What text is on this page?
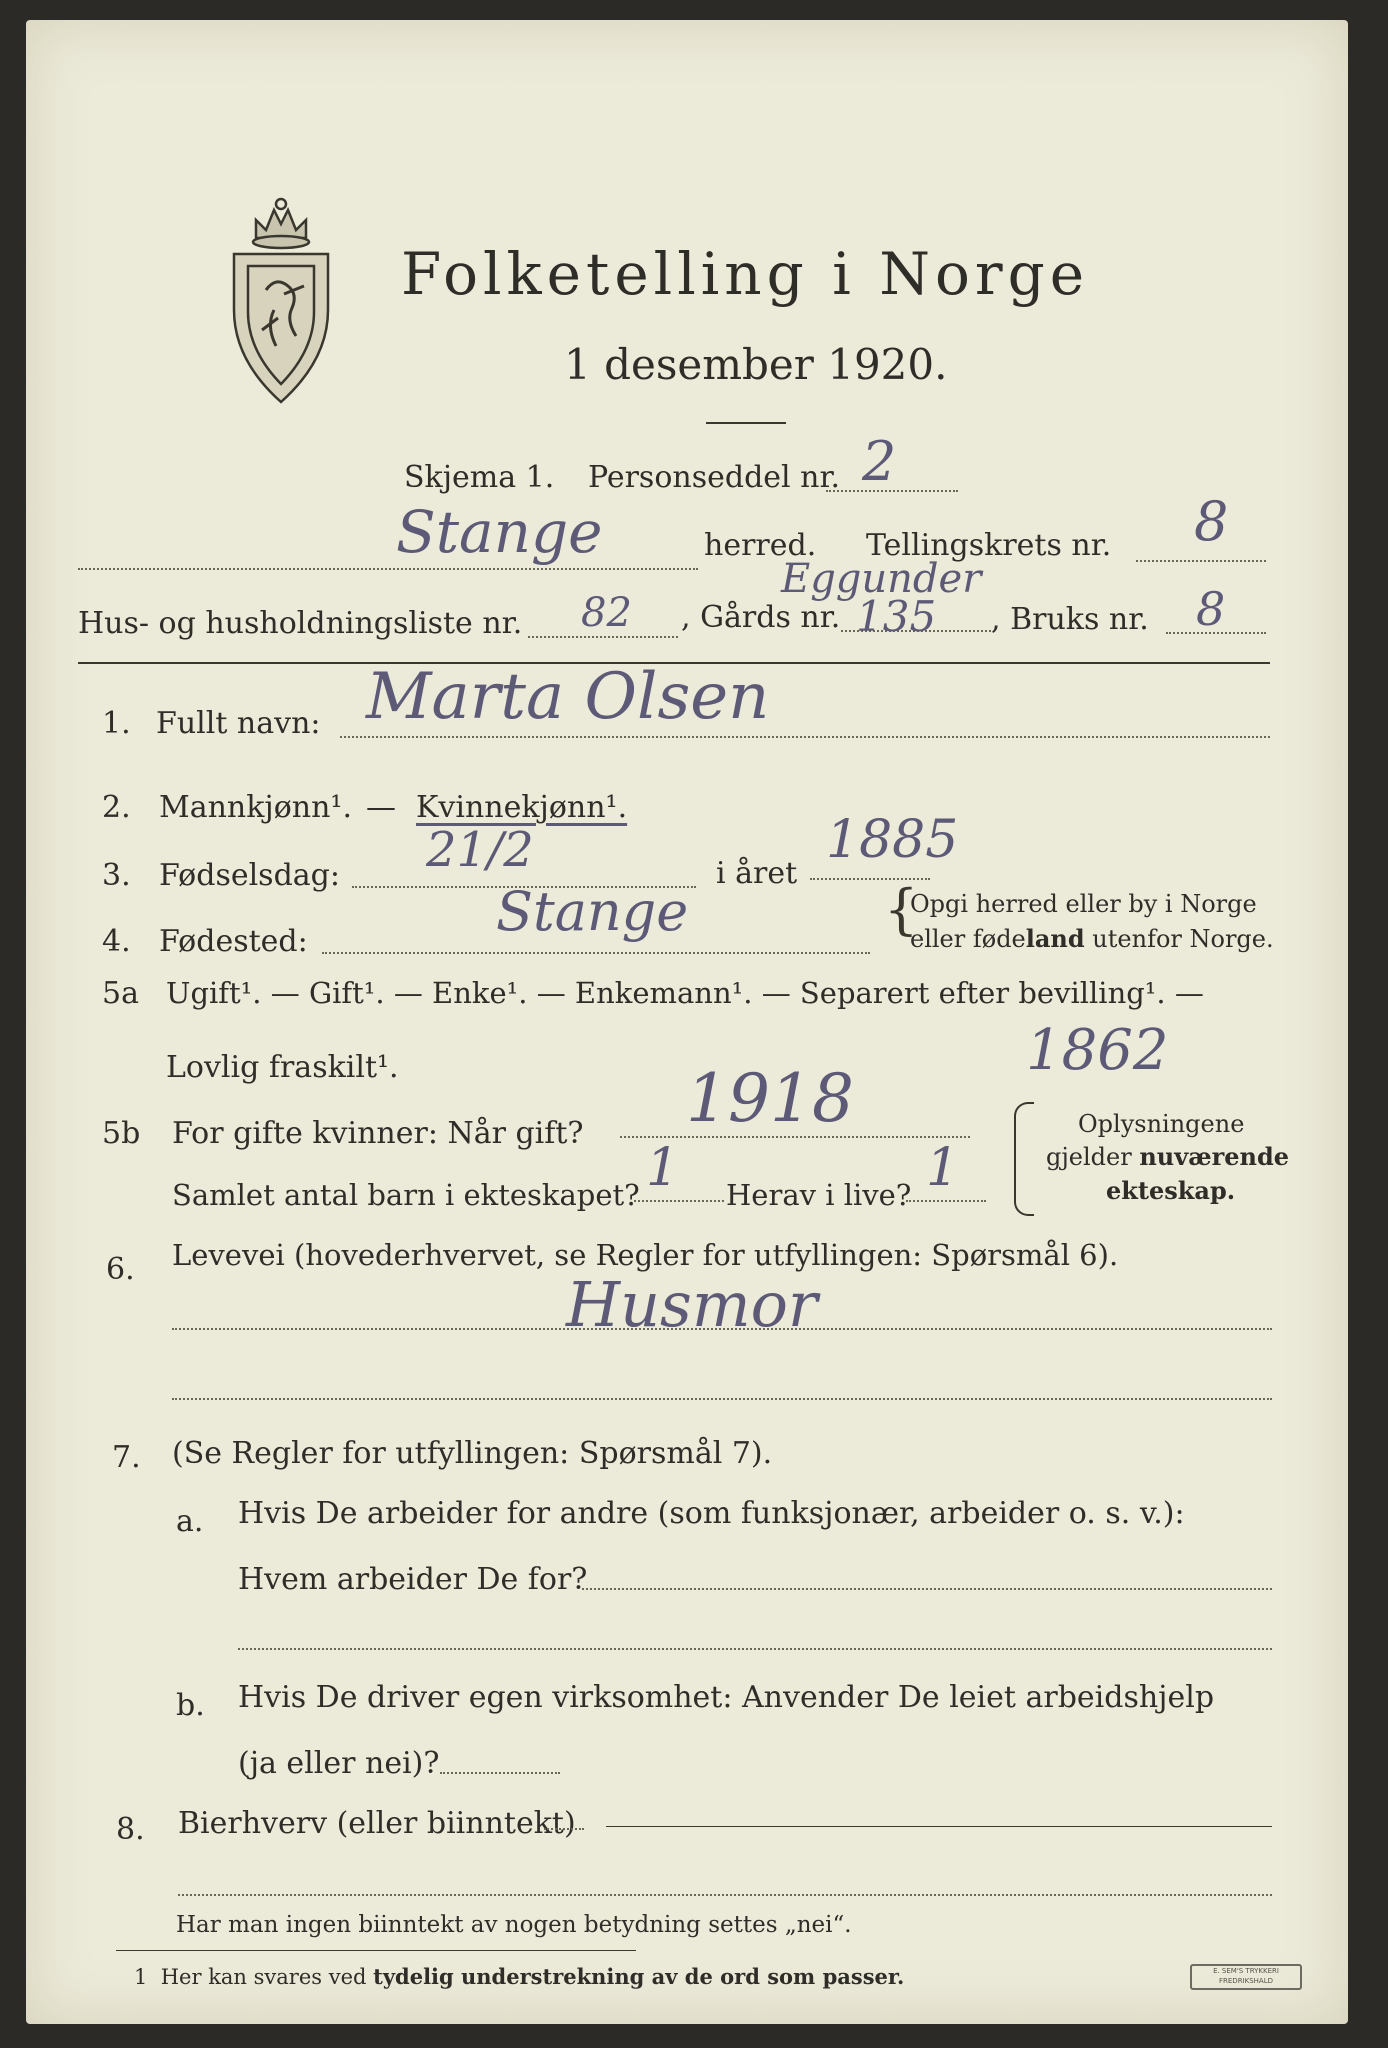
Folketelling i Norge
1 desember 1920.
Skjema 1. Personseddel nr. 2
Stange	herred. Tellingskrets nr. 8
Hus- og husholdningsliste nr. 82 , Gårds nr.
Eggunder
135 , Bruks nr. 8
1. Fullt navn: Marta Olsen
2. Mannkjønn¹. — Kvinnekjønn¹.
3. Fødselsdag: 21/2	i året
1885
4. Fødested:	Stange	{
Opgi herred eller by i Norge
eller fødeland utenfor Norge.
5a Ugift¹. — Gift¹. — Enke¹. — Enkemann¹. — Separert efter bevilling¹. —
Lovlig fraskilt¹.	1862
5b For gifte kvinner: Når gift? 1918
Samlet antal barn i ekteskapet? 1 Herav i live? 1
Oplysningene
gjelder nuværende
ekteskap.
6. Levevei (hovederhvervet, se Regler for utfyllingen: Spørsmål 6).
Husmor
7. (Se Regler for utfyllingen: Spørsmål 7).
a. Hvis De arbeider for andre (som funksjonær, arbeider o. s. v.):
Hvem arbeider De for?
b. Hvis De driver egen virksomhet: Anvender De leiet arbeidshjelp
(ja eller nei)?
8. Bierhverv (eller biinntekt)
Har man ingen biinntekt av nogen betydning settes „nei“.
1 Her kan svares ved tydelig understrekning av de ord som passer.	E. SEM'S TRYKKERI
FREDRIKSHALD
